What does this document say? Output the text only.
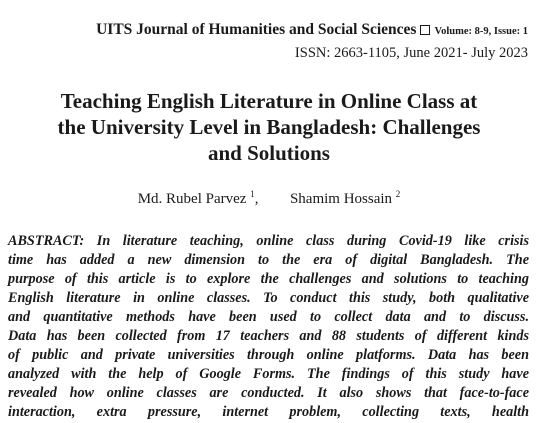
UITS Journal of Humanities and Social Sciences Volume: 8-9, Issue: 1
ISSN: 2663-1105, June 2021- July 2023
Teaching English Literature in Online Class at
the University Level in Bangladesh: Challenges
and Solutions
Md. Rubel Parvez $^1$, Shamim Hossain $^2$
ABSTRACT: In literature teaching, online class during Covid-19 like crisis
time has added a new dimension to the era of digital Bangladesh. The
purpose of this article is to explore the challenges and solutions to teaching
English literature in online classes. To conduct this study, both qualitative
and quantitative methods have been used to collect data and to discuss.
Data has been collected from 17 teachers and 88 students of different kinds
of public and private universities through online platforms. Data has been
analyzed with the help of Google Forms. The findings of this study have
revealed how online classes are conducted. It also shows that face-to-face
interaction, extra pressure, internet problem, collecting texts, health
